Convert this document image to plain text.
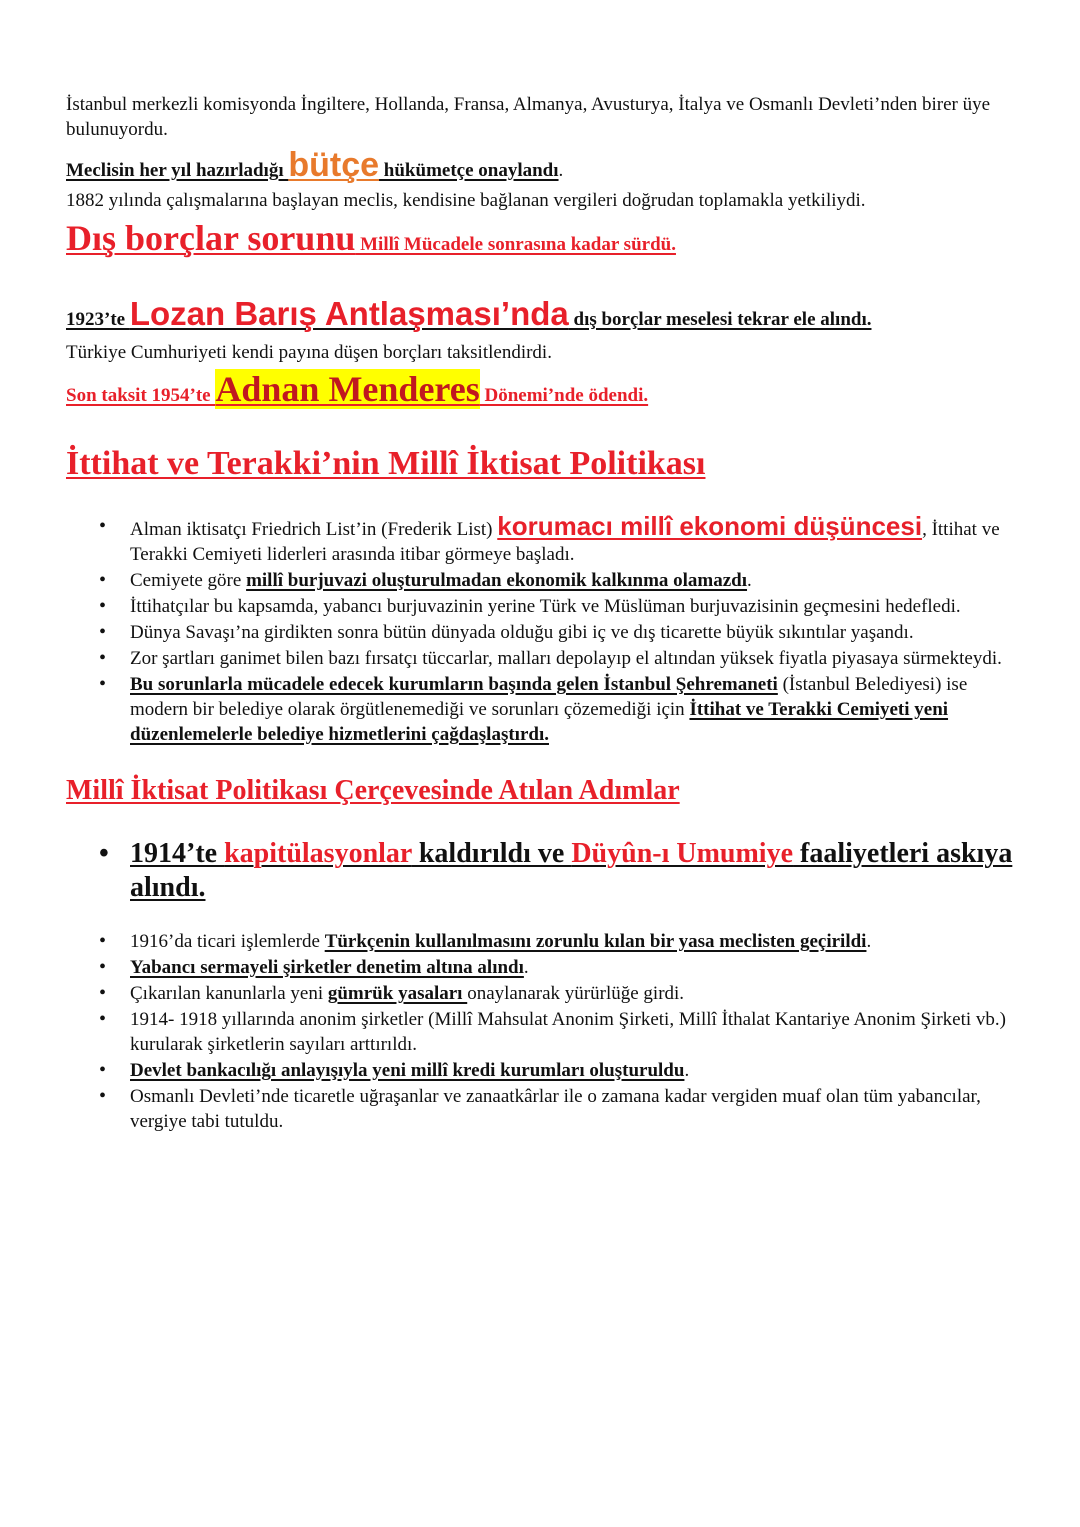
İstanbul merkezli komisyonda İngiltere, Hollanda, Fransa, Almanya, Avusturya, İtalya ve Osmanlı Devleti’nden birer üye bulunuyordu.

Meclisin her yıl hazırladığı bütçe hükümetçe onaylandı.

1882 yılında çalışmalarına başlayan meclis, kendisine bağlanan vergileri doğrudan toplamakla yetkiliydi.

Dış borçlar sorunu Millî Mücadele sonrasına kadar sürdü.

1923’te Lozan Barış Antlaşması’nda dış borçlar meselesi tekrar ele alındı.

Türkiye Cumhuriyeti kendi payına düşen borçları taksitlendirdi.

Son taksit 1954’te Adnan Menderes Dönemi’nde ödendi.

İttihat ve Terakki’nin Millî İktisat Politikası
• Alman iktisatçı Friedrich List’in (Frederik List) korumacı millî ekonomi düşüncesi, İttihat ve Terakki Cemiyeti liderleri arasında itibar görmeye başladı.
• Cemiyete göre millî burjuvazi oluşturulmadan ekonomik kalkınma olamazdı.
• İttihatçılar bu kapsamda, yabancı burjuvazinin yerine Türk ve Müslüman burjuvazisinin geçmesini hedefledi.
• Dünya Savaşı’na girdikten sonra bütün dünyada olduğu gibi iç ve dış ticarette büyük sıkıntılar yaşandı.
• Zor şartları ganimet bilen bazı fırsatçı tüccarlar, malları depolayıp el altından yüksek fiyatla piyasaya sürmekteydi.
• Bu sorunlarla mücadele edecek kurumların başında gelen İstanbul Şehremaneti (İstanbul Belediyesi) ise modern bir belediye olarak örgütlenemediği ve sorunları çözemediği için İttihat ve Terakki Cemiyeti yeni düzenlemelerle belediye hizmetlerini çağdaşlaştırdı.
Millî İktisat Politikası Çerçevesinde Atılan Adımlar
• 1914’te kapitülasyonlar kaldırıldı ve Düyûn-ı Umumiye faaliyetleri askıya alındı.
• 1916’da ticari işlemlerde Türkçenin kullanılmasını zorunlu kılan bir yasa meclisten geçirildi.
• Yabancı sermayeli şirketler denetim altına alındı.
• Çıkarılan kanunlarla yeni gümrük yasaları onaylanarak yürürlüğe girdi.
• 1914- 1918 yıllarında anonim şirketler (Millî Mahsulat Anonim Şirketi, Millî İthalat Kantariye Anonim Şirketi vb.) kurularak şirketlerin sayıları arttırıldı.
• Devlet bankacılığı anlayışıyla yeni millî kredi kurumları oluşturuldu.
• Osmanlı Devleti’nde ticaretle uğraşanlar ve zanaatkârlar ile o zamana kadar vergiden muaf olan tüm yabancılar, vergiye tabi tutuldu.
